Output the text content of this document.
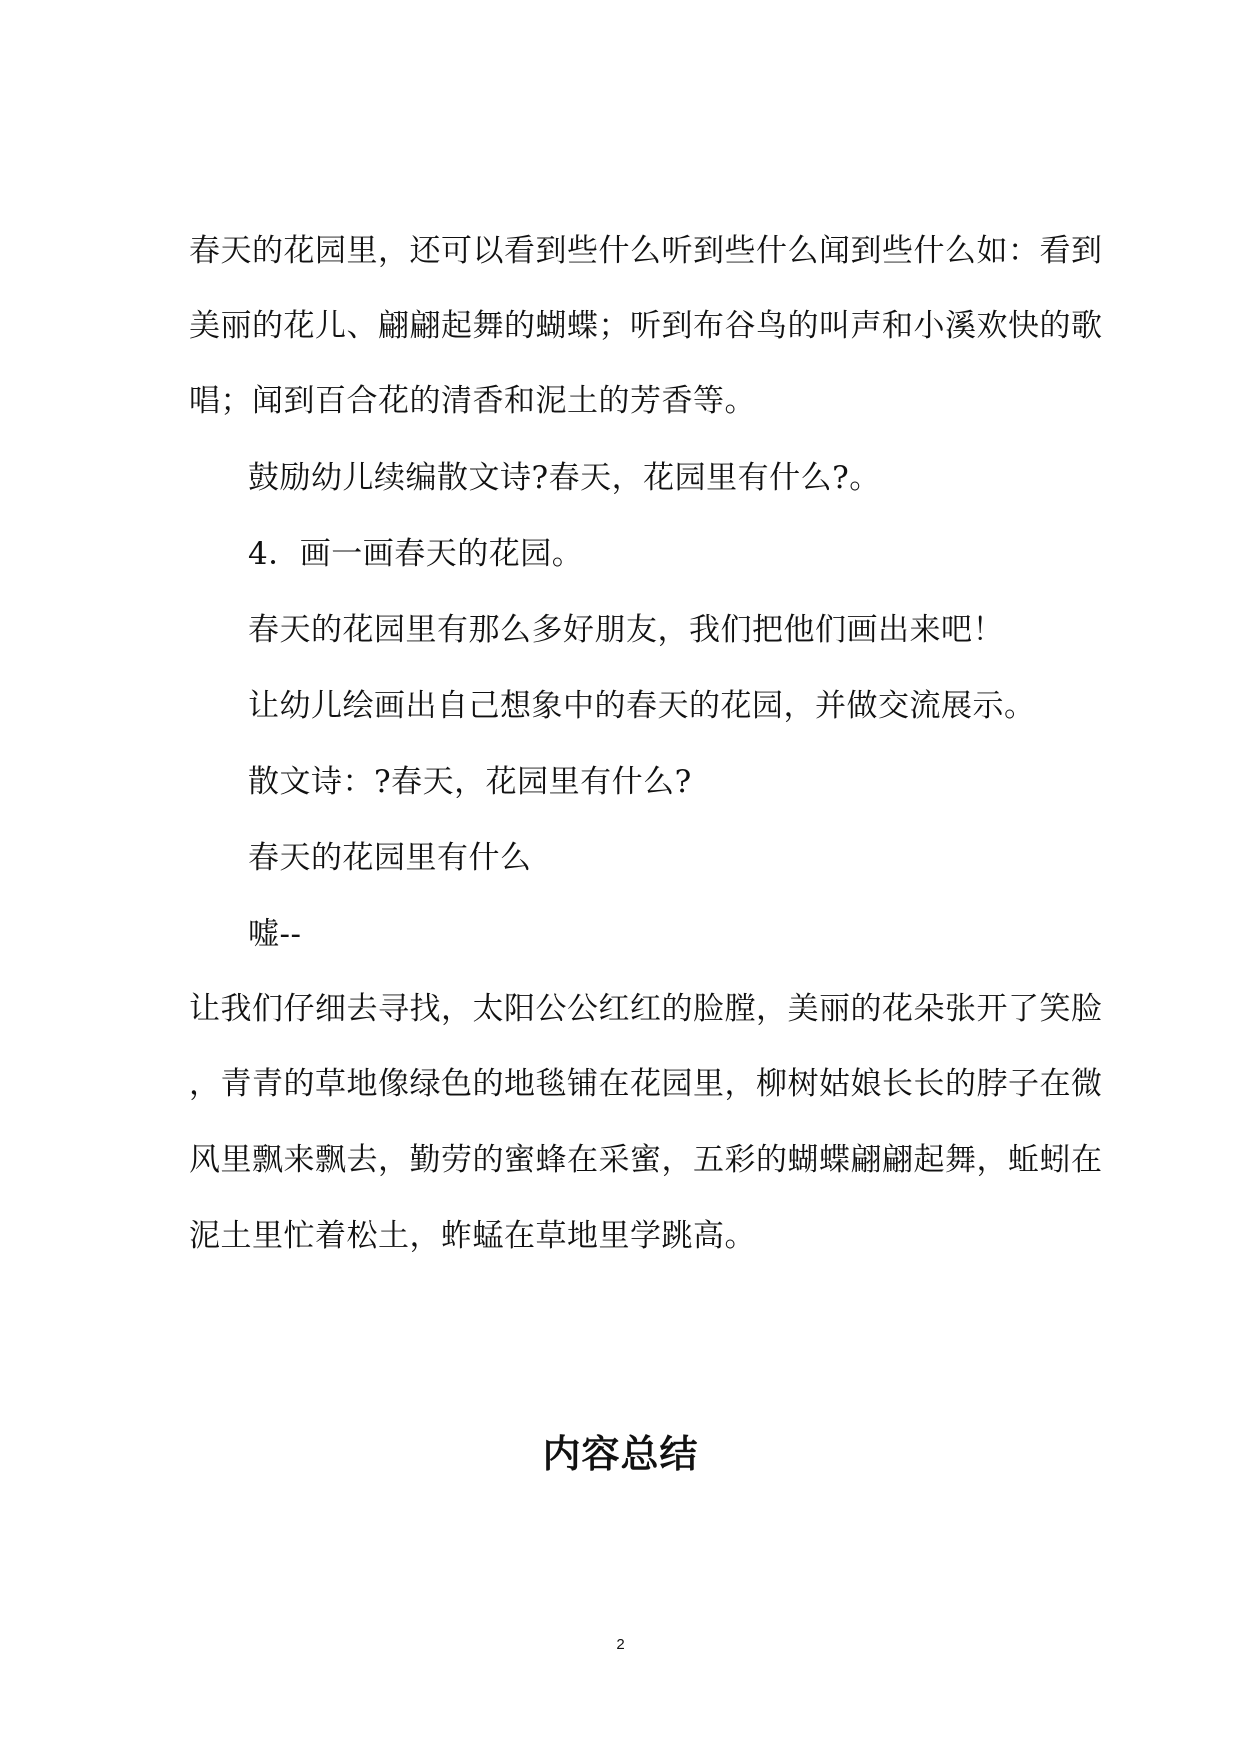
春天的花园里，还可以看到些什么听到些什么闻到些什么如：看到
美丽的花儿、翩翩起舞的蝴蝶；听到布谷鸟的叫声和小溪欢快的歌
唱；闻到百合花的清香和泥土的芳香等。
鼓励幼儿续编散文诗?春天，花园里有什么?。
4．画一画春天的花园。
春天的花园里有那么多好朋友，我们把他们画出来吧！
让幼儿绘画出自己想象中的春天的花园，并做交流展示。
散文诗：?春天，花园里有什么?
春天的花园里有什么
嘘--
让我们仔细去寻找，太阳公公红红的脸膛，美丽的花朵张开了笑脸
，青青的草地像绿色的地毯铺在花园里，柳树姑娘长长的脖子在微
风里飘来飘去，勤劳的蜜蜂在采蜜，五彩的蝴蝶翩翩起舞，蚯蚓在
泥土里忙着松土，蚱蜢在草地里学跳高。
内容总结
2
